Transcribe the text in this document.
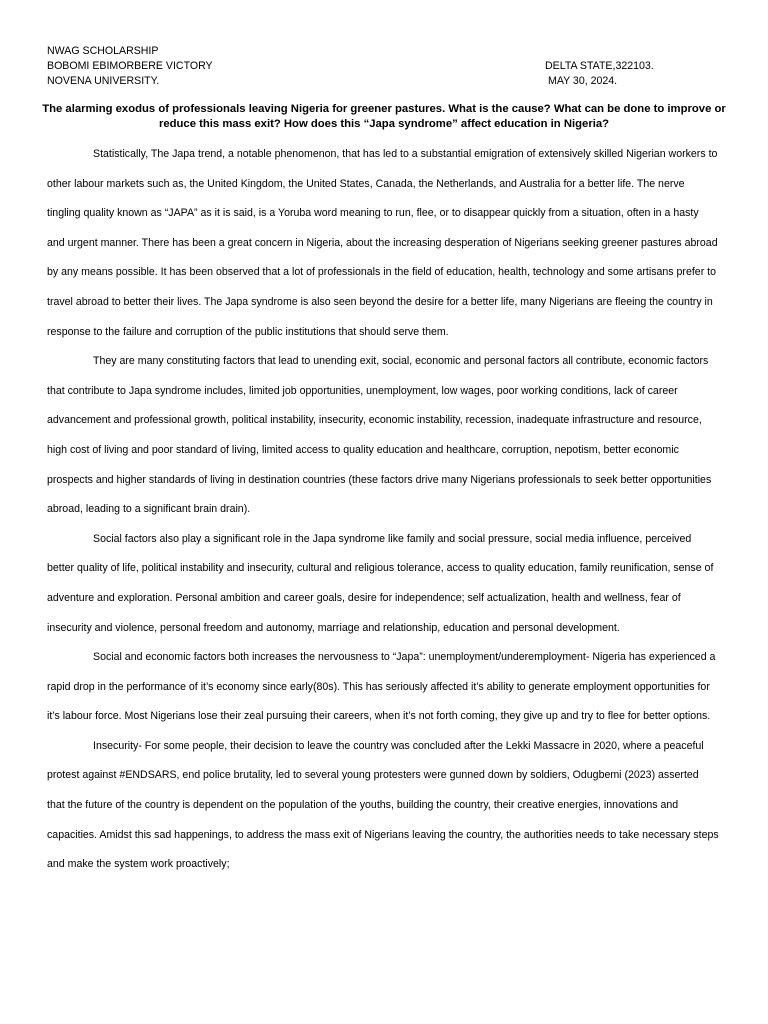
NWAG SCHOLARSHIP
BOBOMI EBIMORBERE VICTORY	DELTA STATE,322103.
NOVENA UNIVERSITY.	MAY 30, 2024.
The alarming exodus of professionals leaving Nigeria for greener pastures. What is the cause? What can be done to improve or reduce this mass exit? How does this “Japa syndrome” affect education in Nigeria?

Statistically, The Japa trend, a notable phenomenon, that has led to a substantial emigration of extensively skilled Nigerian workers to other labour markets such as, the United Kingdom, the United States, Canada, the Netherlands, and Australia for a better life. The nerve tingling quality known as “JAPA” as it is said, is a Yoruba word meaning to run, flee, or to disappear quickly from a situation, often in a hasty and urgent manner. There has been a great concern in Nigeria, about the increasing desperation of Nigerians seeking greener pastures abroad by any means possible. It has been observed that a lot of professionals in the field of education, health, technology and some artisans prefer to travel abroad to better their lives. The Japa syndrome is also seen beyond the desire for a better life, many Nigerians are fleeing the country in response to the failure and corruption of the public institutions that should serve them.

They are many constituting factors that lead to unending exit, social, economic and personal factors all contribute, economic factors that contribute to Japa syndrome includes, limited job opportunities, unemployment, low wages, poor working conditions, lack of career advancement and professional growth, political instability, insecurity, economic instability, recession, inadequate infrastructure and resource, high cost of living and poor standard of living, limited access to quality education and healthcare, corruption, nepotism, better economic prospects and higher standards of living in destination countries (these factors drive many Nigerians professionals to seek better opportunities abroad, leading to a significant brain drain).

Social factors also play a significant role in the Japa syndrome like family and social pressure, social media influence, perceived better quality of life, political instability and insecurity, cultural and religious tolerance, access to quality education, family reunification, sense of adventure and exploration. Personal ambition and career goals, desire for independence; self actualization, health and wellness, fear of insecurity and violence, personal freedom and autonomy, marriage and relationship, education and personal development.

Social and economic factors both increases the nervousness to “Japa”: unemployment/underemployment- Nigeria has experienced a rapid drop in the performance of it’s economy since early(80s). This has seriously affected it’s ability to generate employment opportunities for it’s labour force. Most Nigerians lose their zeal pursuing their careers, when it’s not forth coming, they give up and try to flee for better options.

Insecurity- For some people, their decision to leave the country was concluded after the Lekki Massacre in 2020, where a peaceful protest against #ENDSARS, end police brutality, led to several young protesters were gunned down by soldiers, Odugbemi (2023) asserted that the future of the country is dependent on the population of the youths, building the country, their creative energies, innovations and capacities. Amidst this sad happenings, to address the mass exit of Nigerians leaving the country, the authorities needs to take necessary steps and make the system work proactively;
